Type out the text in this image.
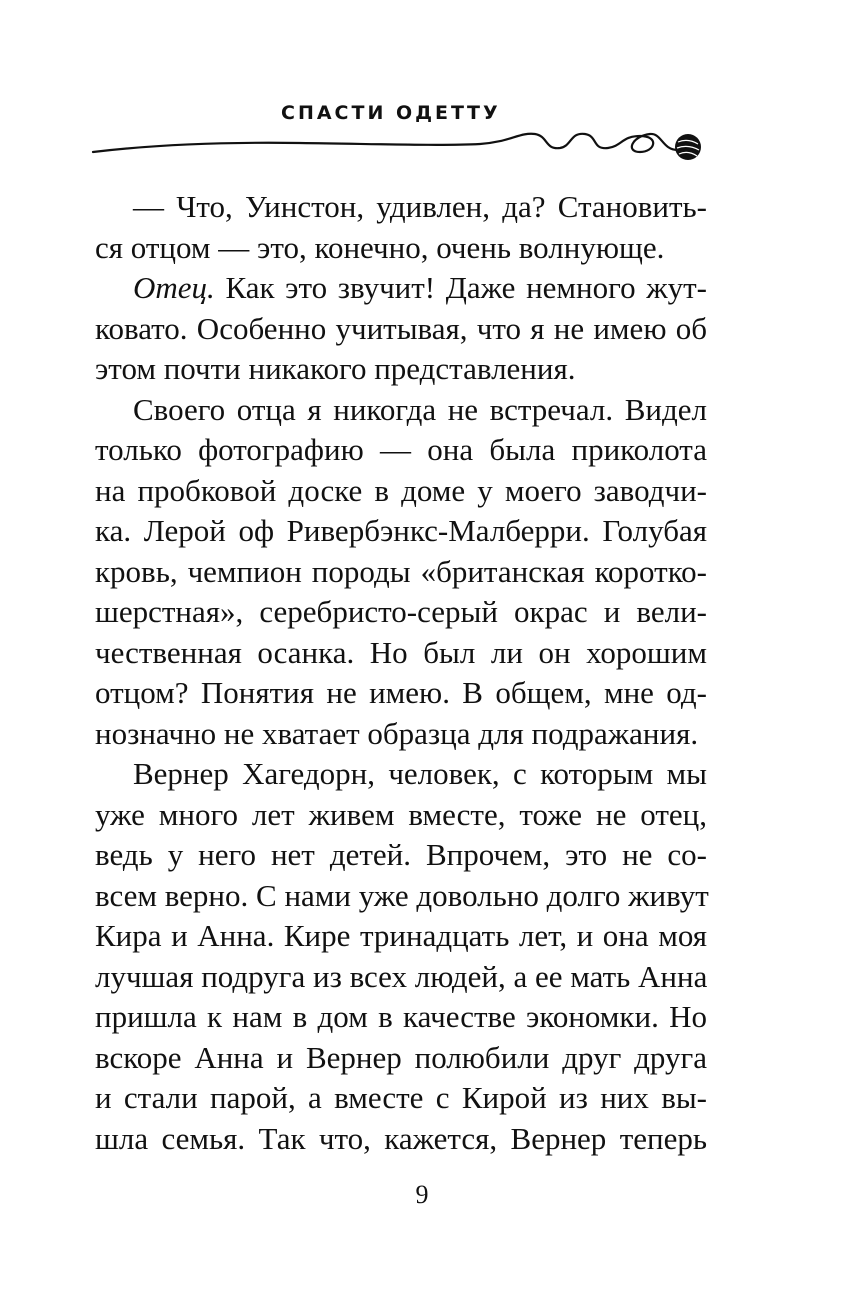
СПАСТИ ОДЕТТУ
— Что, Уинстон, удивлен, да? Становить-
ся отцом — это, конечно, очень волнующе.
Отец. Как это звучит! Даже немного жут-
ковато. Особенно учитывая, что я не имею об
этом почти никакого представления.
Своего отца я никогда не встречал. Видел
только фотографию — она была приколота
на пробковой доске в доме у моего заводчи-
ка. Лерой оф Ривербэнкс-Малберри. Голубая
кровь, чемпион породы «британская коротко-
шерстная», серебристо-серый окрас и вели-
чественная осанка. Но был ли он хорошим
отцом? Понятия не имею. В общем, мне од-
нозначно не хватает образца для подражания.
Вернер Хагедорн, человек, с которым мы
уже много лет живем вместе, тоже не отец,
ведь у него нет детей. Впрочем, это не со-
всем верно. С нами уже довольно долго живут
Кира и Анна. Кире тринадцать лет, и она моя
лучшая подруга из всех людей, а ее мать Анна
пришла к нам в дом в качестве экономки. Но
вскоре Анна и Вернер полюбили друг друга
и стали парой, а вместе с Кирой из них вы-
шла семья. Так что, кажется, Вернер теперь
9
